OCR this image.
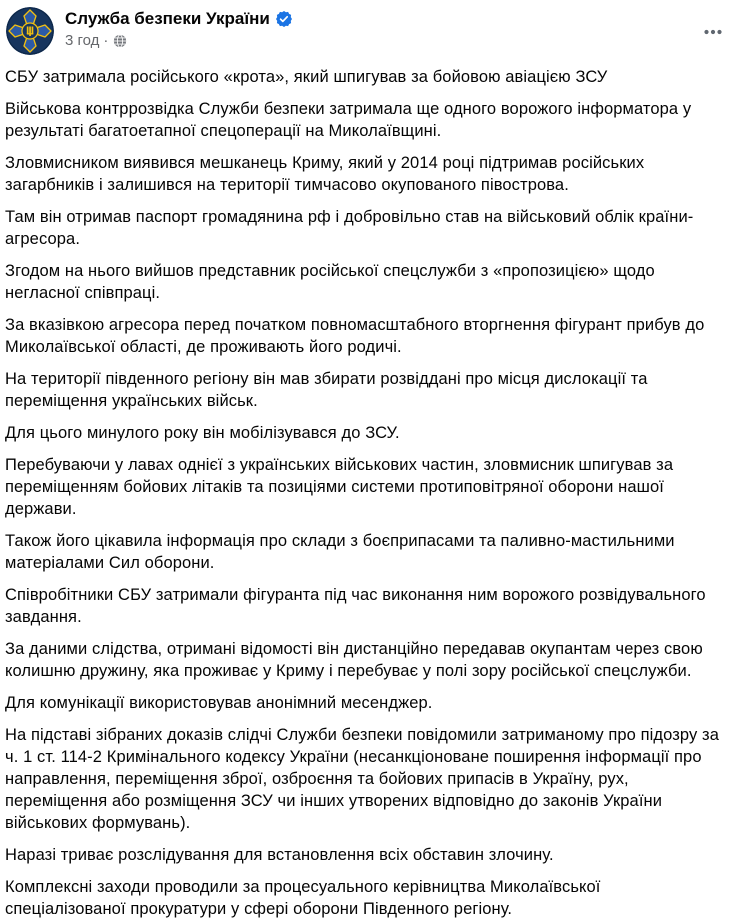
Служба безпеки України
3 год ·

СБУ затримала російського «крота», який шпигував за бойовою авіацією ЗСУ

Військова контррозвідка Служби безпеки затримала ще одного ворожого інформатора у результаті багатоетапної спецоперації на Миколаївщині.

Зловмисником виявився мешканець Криму, який у 2014 році підтримав російських загарбників і залишився на території тимчасово окупованого півострова.

Там він отримав паспорт громадянина рф і добровільно став на військовий облік країни-агресора.

Згодом на нього вийшов представник російської спецслужби з «пропозицією» щодо негласної співпраці.

За вказівкою агресора перед початком повномасштабного вторгнення фігурант прибув до Миколаївської області, де проживають його родичі.

На території південного регіону він мав збирати розвіддані про місця дислокації та переміщення українських військ.

Для цього минулого року він мобілізувався до ЗСУ.

Перебуваючи у лавах однієї з українських військових частин, зловмисник шпигував за переміщенням бойових літаків та позиціями системи протиповітряної оборони нашої держави.

Також його цікавила інформація про склади з боєприпасами та паливно-мастильними матеріалами Сил оборони.

Співробітники СБУ затримали фігуранта під час виконання ним ворожого розвідувального завдання.

За даними слідства, отримані відомості він дистанційно передавав окупантам через свою колишню дружину, яка проживає у Криму і перебуває у полі зору російської спецслужби.

Для комунікації використовував анонімний месенджер.

На підставі зібраних доказів слідчі Служби безпеки повідомили затриманому про підозру за ч. 1 ст. 114-2 Кримінального кодексу України (несанкціоноване поширення інформації про направлення, переміщення зброї, озброєння та бойових припасів в Україну, рух, переміщення або розміщення ЗСУ чи інших утворених відповідно до законів України військових формувань).

Наразі триває розслідування для встановлення всіх обставин злочину.

Комплексні заходи проводили за процесуального керівництва Миколаївської спеціалізованої прокуратури у сфері оборони Південного регіону.
